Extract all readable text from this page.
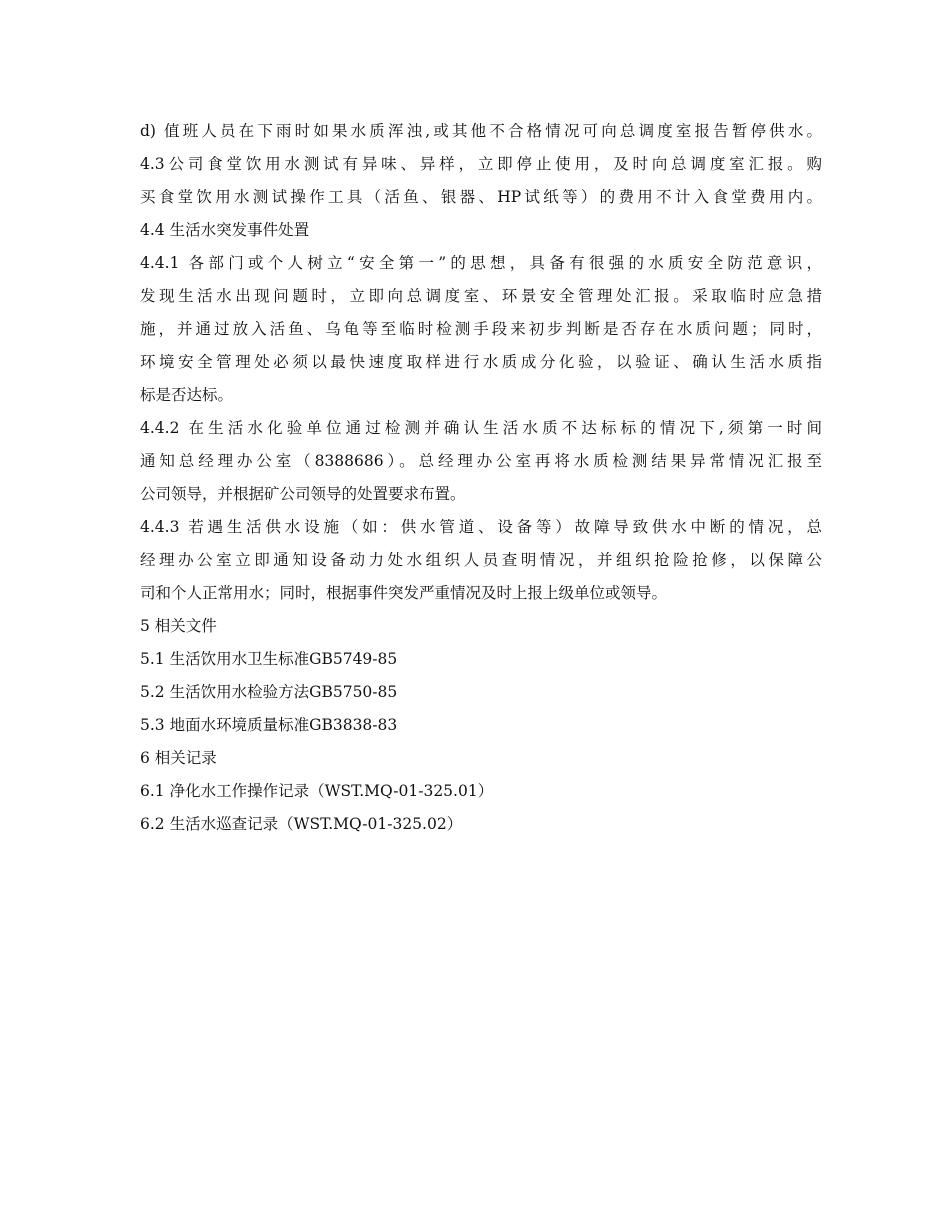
d) 值班人员在下雨时如果水质浑浊,或其他不合格情况可向总调度室报告暂停供水。
4.3公司食堂饮用水测试有异味、异样，立即停止使用，及时向总调度室汇报。购
买食堂饮用水测试操作工具（活鱼、银器、HP试纸等）的费用不计入食堂费用内。
4.4 生活水突发事件处置
4.4.1 各部门或个人树立“安全第一”的思想，具备有很强的水质安全防范意识，
发现生活水出现问题时，立即向总调度室、环景安全管理处汇报。采取临时应急措
施，并通过放入活鱼、乌龟等至临时检测手段来初步判断是否存在水质问题；同时，
环境安全管理处必须以最快速度取样进行水质成分化验，以验证、确认生活水质指
标是否达标。
4.4.2 在生活水化验单位通过检测并确认生活水质不达标标的情况下,须第一时间
通知总经理办公室（8388686）。总经理办公室再将水质检测结果异常情况汇报至
公司领导，并根据矿公司领导的处置要求布置。
4.4.3 若遇生活供水设施（如：供水管道、设备等）故障导致供水中断的情况，总
经理办公室立即通知设备动力处水组织人员查明情况，并组织抢险抢修，以保障公
司和个人正常用水；同时，根据事件突发严重情况及时上报上级单位或领导。
5 相关文件
5.1 生活饮用水卫生标准GB5749-85
5.2 生活饮用水检验方法GB5750-85
5.3 地面水环境质量标准GB3838-83
6 相关记录
6.1 净化水工作操作记录（WST.MQ-01-325.01）
6.2 生活水巡查记录（WST.MQ-01-325.02）
